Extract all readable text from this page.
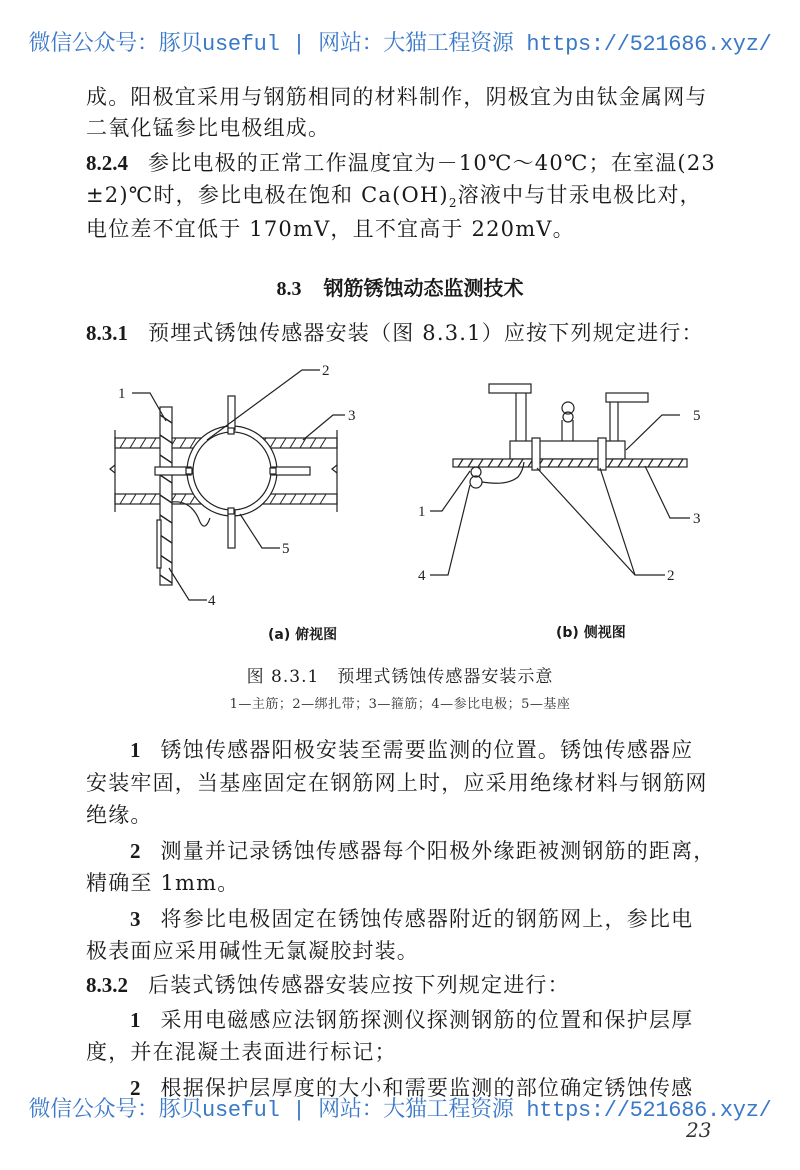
微信公众号：豚贝useful | 网站：大猫工程资源 https://521686.xyz/
成。阳极宜采用与钢筋相同的材料制作，阴极宜为由钛金属网与
二氧化锰参比电极组成。
8.2.4 参比电极的正常工作温度宜为－10℃～40℃；在室温(23
±2)℃时，参比电极在饱和 $Ca(OH)_2$溶液中与甘汞电极比对，
电位差不宜低于 170mV，且不宜高于 220mV。
8.3 钢筋锈蚀动态监测技术
8.3.1 预埋式锈蚀传感器安装（图 8.3.1）应按下列规定进行：
1
2
3
4
5
1
4	2
3
5
(a) 俯视图	(b) 侧视图
图 8.3.1　预埋式锈蚀传感器安装示意
1—主筋；2—绑扎带；3—箍筋；4—参比电极；5—基座
1 锈蚀传感器阳极安装至需要监测的位置。锈蚀传感器应
安装牢固，当基座固定在钢筋网上时，应采用绝缘材料与钢筋网
绝缘。
2 测量并记录锈蚀传感器每个阳极外缘距被测钢筋的距离，
精确至 1mm。
3 将参比电极固定在锈蚀传感器附近的钢筋网上，参比电
极表面应采用碱性无氯凝胶封装。
8.3.2 后装式锈蚀传感器安装应按下列规定进行：
1 采用电磁感应法钢筋探测仪探测钢筋的位置和保护层厚
度，并在混凝土表面进行标记；
2 根据保护层厚度的大小和需要监测的部位确定锈蚀传感
微信公众号：豚贝useful | 网站：大猫工程资源 https://521686.xyz/
23
